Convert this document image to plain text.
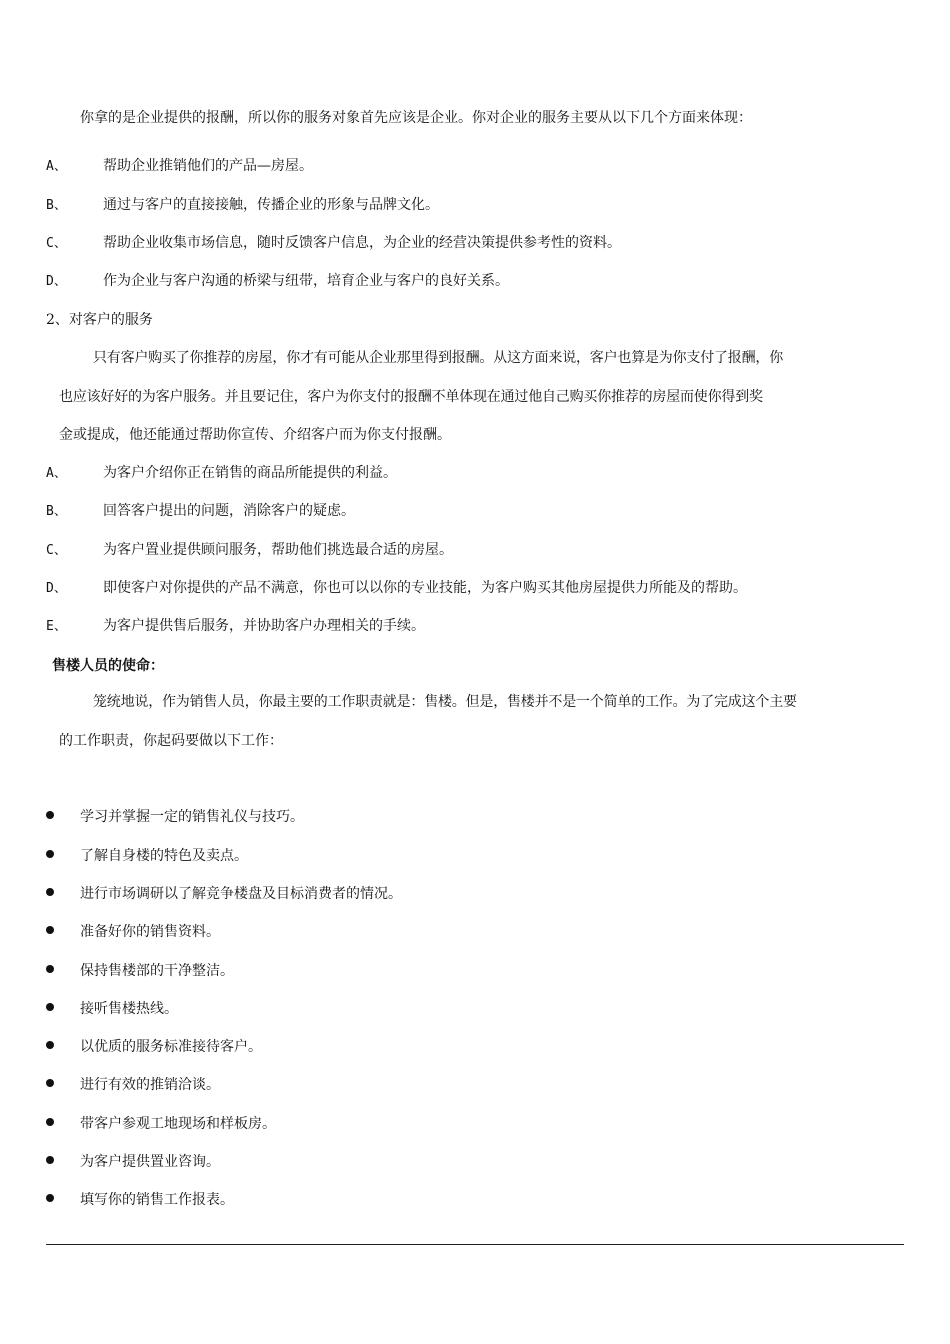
你拿的是企业提供的报酬，所以你的服务对象首先应该是企业。你对企业的服务主要从以下几个方面来体现：
A、	帮助企业推销他们的产品—房屋。
B、	通过与客户的直接接触，传播企业的形象与品牌文化。
C、	帮助企业收集市场信息，随时反馈客户信息，为企业的经营决策提供参考性的资料。
D、	作为企业与客户沟通的桥梁与纽带，培育企业与客户的良好关系。
2、对客户的服务
只有客户购买了你推荐的房屋，你才有可能从企业那里得到报酬。从这方面来说，客户也算是为你支付了报酬，你
也应该好好的为客户服务。并且要记住，客户为你支付的报酬不单体现在通过他自己购买你推荐的房屋而使你得到奖
金或提成，他还能通过帮助你宣传、介绍客户而为你支付报酬。
A、	为客户介绍你正在销售的商品所能提供的利益。
B、	回答客户提出的问题，消除客户的疑虑。
C、	为客户置业提供顾问服务，帮助他们挑选最合适的房屋。
D、	即使客户对你提供的产品不满意，你也可以以你的专业技能，为客户购买其他房屋提供力所能及的帮助。
E、	为客户提供售后服务，并协助客户办理相关的手续。
售楼人员的使命：
笼统地说，作为销售人员，你最主要的工作职责就是：售楼。但是，售楼并不是一个简单的工作。为了完成这个主要
的工作职责，你起码要做以下工作：
学习并掌握一定的销售礼仪与技巧。
了解自身楼的特色及卖点。
进行市场调研以了解竞争楼盘及目标消费者的情况。
准备好你的销售资料。
保持售楼部的干净整洁。
接听售楼热线。
以优质的服务标准接待客户。
进行有效的推销洽谈。
带客户参观工地现场和样板房。
为客户提供置业咨询。
填写你的销售工作报表。
